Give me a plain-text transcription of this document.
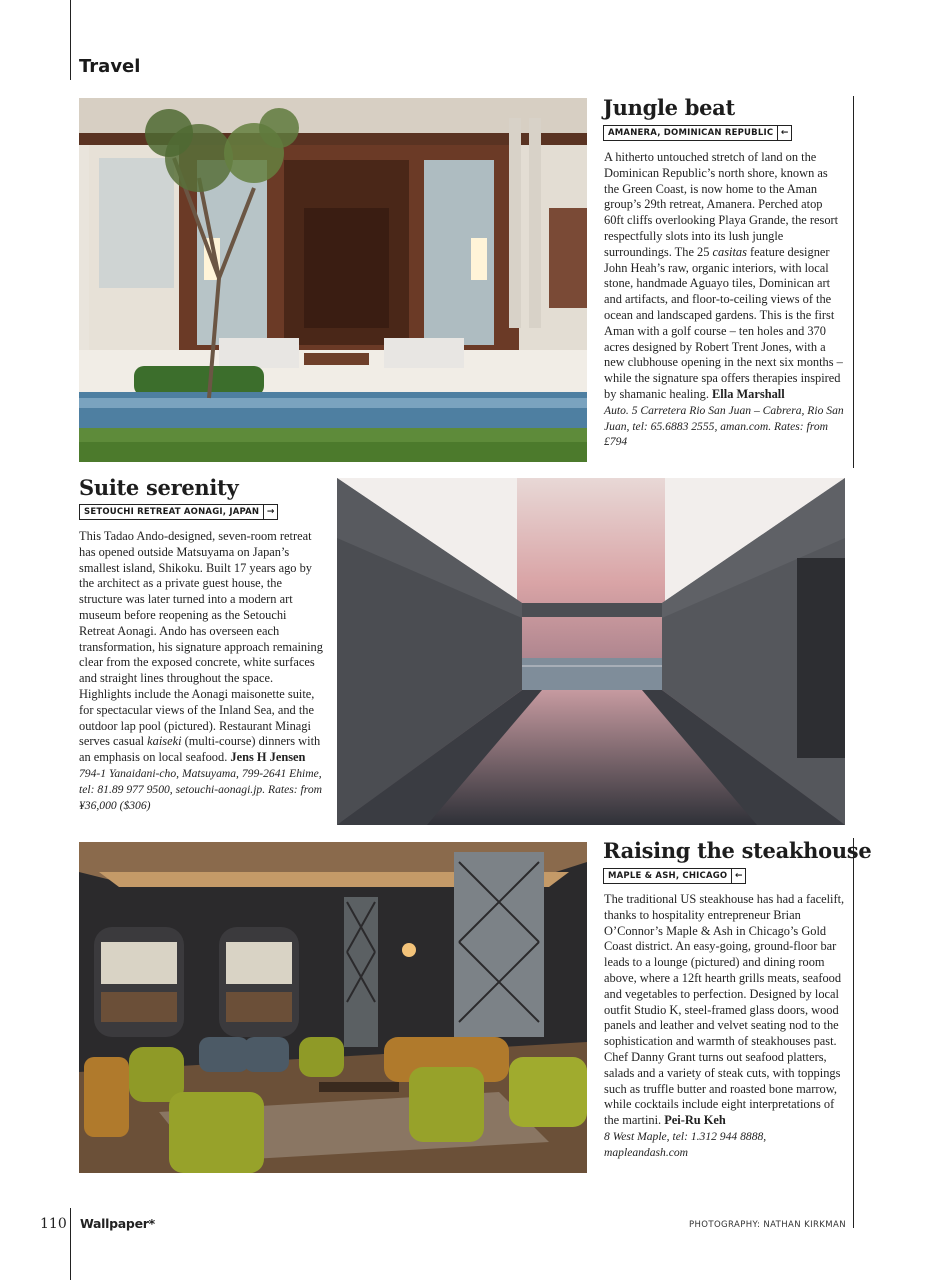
Travel
Jungle beat
AMANERA, DOMINICAN REPUBLIC ←

A hitherto untouched stretch of land on the Dominican Republic’s north shore, known as the Green Coast, is now home to the Aman group’s 29th retreat, Amanera. Perched atop 60ft cliffs overlooking Playa Grande, the resort respectfully slots into its lush jungle surroundings. The 25 casitas feature designer John Heah’s raw, organic interiors, with local stone, handmade Aguayo tiles, Dominican art and artifacts, and floor-to-ceiling views of the ocean and landscaped gardens. This is the first Aman with a golf course – ten holes and 370 acres designed by Robert Trent Jones, with a new clubhouse opening in the next six months – while the signature spa offers therapies inspired by shamanic healing. Ella Marshall
Auto. 5 Carretera Rio San Juan – Cabrera, Rio San Juan, tel: 65.6883 2555, aman.com. Rates: from £794

Suite serenity
SETOUCHI RETREAT AONAGI, JAPAN →

This Tadao Ando-designed, seven-room retreat has opened outside Matsuyama on Japan’s smallest island, Shikoku. Built 17 years ago by the architect as a private guest house, the structure was later turned into a modern art museum before reopening as the Setouchi Retreat Aonagi. Ando has overseen each transformation, his signature approach remaining clear from the exposed concrete, white surfaces and straight lines throughout the space. Highlights include the Aonagi maisonette suite, for spectacular views of the Inland Sea, and the outdoor lap pool (pictured). Restaurant Minagi serves casual kaiseki (multi-course) dinners with an emphasis on local seafood. Jens H Jensen
794-1 Yanaidani-cho, Matsuyama, 799-2641 Ehime, tel: 81.89 977 9500, setouchi-aonagi.jp. Rates: from ¥36,000 ($306)

Raising the steakhouse
MAPLE & ASH, CHICAGO ←

The traditional US steakhouse has had a facelift, thanks to hospitality entrepreneur Brian O’Connor’s Maple & Ash in Chicago’s Gold Coast district. An easy-going, ground-floor bar leads to a lounge (pictured) and dining room above, where a 12ft hearth grills meats, seafood and vegetables to perfection. Designed by local outfit Studio K, steel-framed glass doors, wood panels and leather and velvet seating nod to the sophistication and warmth of steakhouses past. Chef Danny Grant turns out seafood platters, salads and a variety of steak cuts, with toppings such as truffle butter and roasted bone marrow, while cocktails include eight interpretations of the martini. Pei-Ru Keh
8 West Maple, tel: 1.312 944 8888, mapleandash.com

110 Wallpaper*	PHOTOGRAPHY: NATHAN KIRKMAN
